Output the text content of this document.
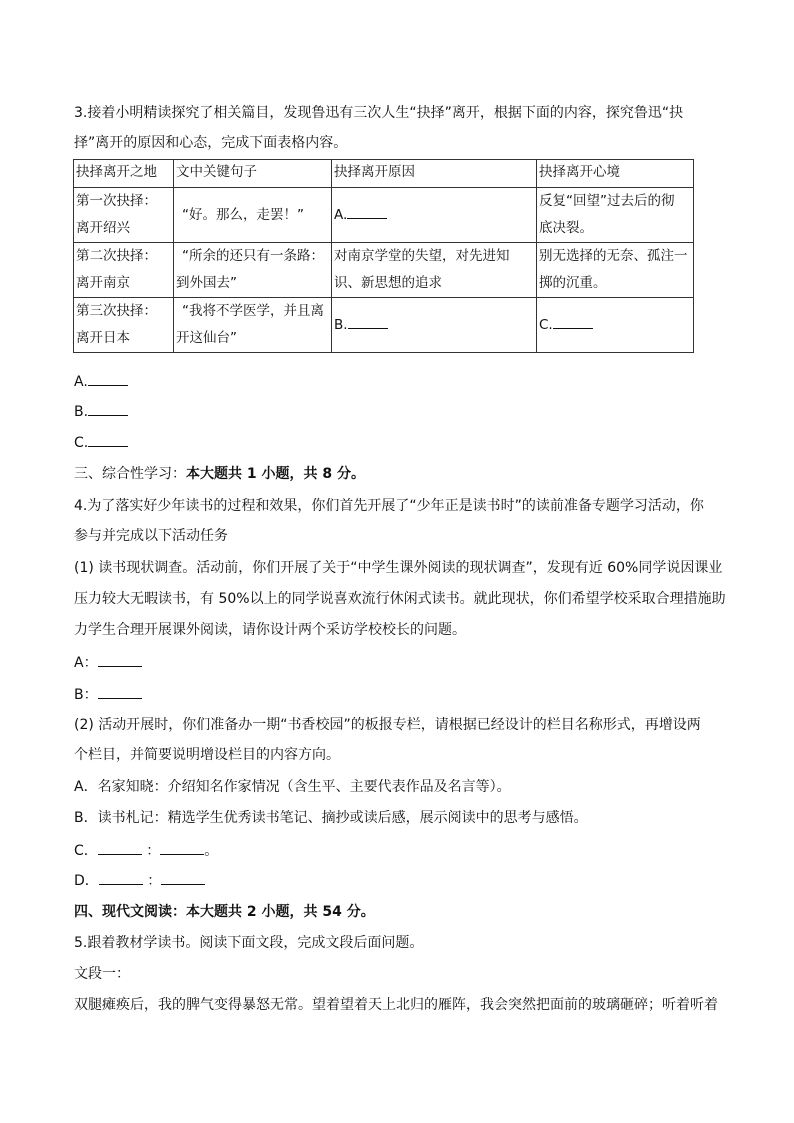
3.接着小明精读探究了相关篇目，发现鲁迅有三次人生“抉择”离开，根据下面的内容，探究鲁迅“抉
择”离开的原因和心态，完成下面表格内容。
抉择离开之地	文中关键句子	抉择离开原因	抉择离开心境

第一次抉择：
离开绍兴	“好。那么，走罢！”	A.	反复“回望”过去后的彻
底决裂。

第二次抉择：
离开南京	“所余的还只有一条路：
到外国去”	对南京学堂的失望，对先进知
识、新思想的追求	别无选择的无奈、孤注一
掷的沉重。

第三次抉择：
离开日本	“我将不学医学，并且离
开这仙台”	B.	C.
A.
B.
C.
三、综合性学习：本大题共 1 小题，共 8 分。
4.为了落实好少年读书的过程和效果，你们首先开展了“少年正是读书时”的读前准备专题学习活动，你
参与并完成以下活动任务
(1) 读书现状调查。活动前，你们开展了关于“中学生课外阅读的现状调查”，发现有近 60%同学说因课业
压力较大无暇读书，有 50%以上的同学说喜欢流行休闲式读书。就此现状，你们希望学校采取合理措施助
力学生合理开展课外阅读，请你设计两个采访学校校长的问题。
A：
B：
(2) 活动开展时，你们准备办一期“书香校园”的板报专栏，请根据已经设计的栏目名称形式，再增设两
个栏目，并简要说明增设栏目的内容方向。
A．名家知晓：介绍知名作家情况（含生平、主要代表作品及名言等）。
B．读书札记：精选学生优秀读书笔记、摘抄或读后感，展示阅读中的思考与感悟。
C．	：	。
D．	：
四、现代文阅读：本大题共 2 小题，共 54 分。
5.跟着教材学读书。阅读下面文段，完成文段后面问题。
文段一：
双腿瘫痪后，我的脾气变得暴怒无常。望着望着天上北归的雁阵，我会突然把面前的玻璃砸碎；听着听着
